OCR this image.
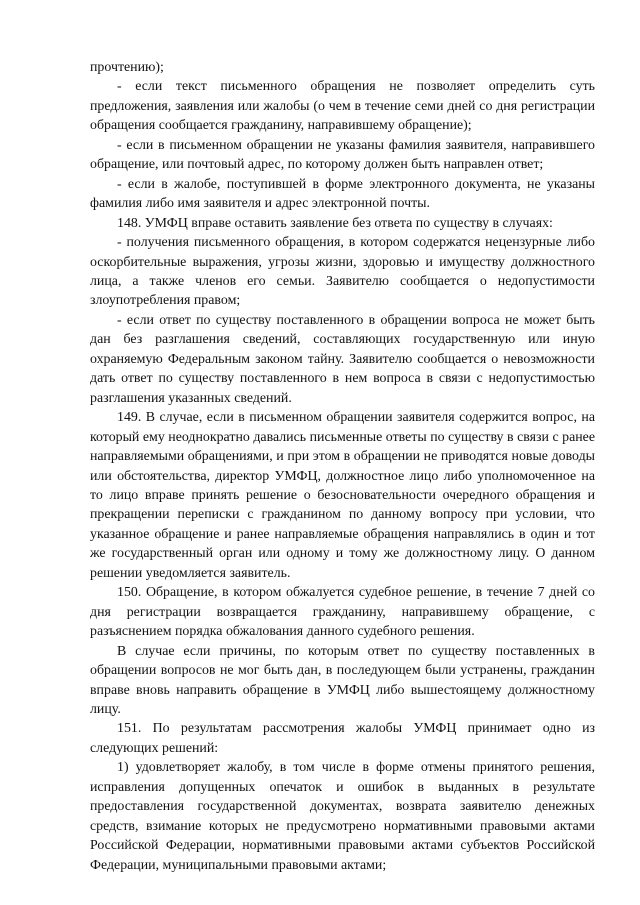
прочтению);

- если текст письменного обращения не позволяет определить суть предложения, заявления или жалобы (о чем в течение семи дней со дня регистрации обращения сообщается гражданину, направившему обращение);

- если в письменном обращении не указаны фамилия заявителя, направившего обращение, или почтовый адрес, по которому должен быть направлен ответ;

- если в жалобе, поступившей в форме электронного документа, не указаны фамилия либо имя заявителя и адрес электронной почты.

148. УМФЦ вправе оставить заявление без ответа по существу в случаях:

- получения письменного обращения, в котором содержатся нецензурные либо оскорбительные выражения, угрозы жизни, здоровью и имуществу должностного лица, а также членов его семьи. Заявителю сообщается о недопустимости злоупотребления правом;

- если ответ по существу поставленного в обращении вопроса не может быть дан без разглашения сведений, составляющих государственную или иную охраняемую Федеральным законом тайну. Заявителю сообщается о невозможности дать ответ по существу поставленного в нем вопроса в связи с недопустимостью разглашения указанных сведений.

149. В случае, если в письменном обращении заявителя содержится вопрос, на который ему неоднократно давались письменные ответы по существу в связи с ранее направляемыми обращениями, и при этом в обращении не приводятся новые доводы или обстоятельства, директор УМФЦ, должностное лицо либо уполномоченное на то лицо вправе принять решение о безосновательности очередного обращения и прекращении переписки с гражданином по данному вопросу при условии, что указанное обращение и ранее направляемые обращения направлялись в один и тот же государственный орган или одному и тому же должностному лицу. О данном решении уведомляется заявитель.

150. Обращение, в котором обжалуется судебное решение, в течение 7 дней со дня регистрации возвращается гражданину, направившему обращение, с разъяснением порядка обжалования данного судебного решения.

В случае если причины, по которым ответ по существу поставленных в обращении вопросов не мог быть дан, в последующем были устранены, гражданин вправе вновь направить обращение в УМФЦ либо вышестоящему должностному лицу.

151. По результатам рассмотрения жалобы УМФЦ принимает одно из следующих решений:

1) удовлетворяет жалобу, в том числе в форме отмены принятого решения, исправления допущенных опечаток и ошибок в выданных в результате предоставления государственной документах, возврата заявителю денежных средств, взимание которых не предусмотрено нормативными правовыми актами Российской Федерации, нормативными правовыми актами субъектов Российской Федерации, муниципальными правовыми актами;
